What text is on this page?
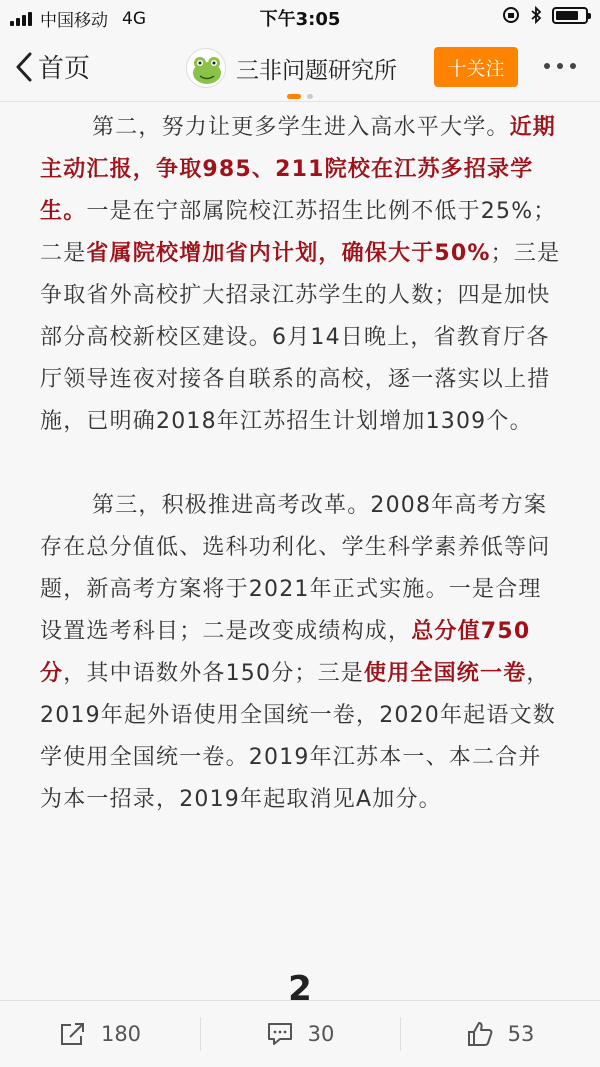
中国移动 4G	下午3:05
首页	三非问题研究所	十关注

第二，努力让更多学生进入高水平大学。近期主动汇报，争取985、211院校在江苏多招录学生。一是在宁部属院校江苏招生比例不低于25%；二是省属院校增加省内计划，确保大于50%；三是争取省外高校扩大招录江苏学生的人数；四是加快部分高校新校区建设。6月14日晚上，省教育厅各厅领导连夜对接各自联系的高校，逐一落实以上措施，已明确2018年江苏招生计划增加1309个。

第三，积极推进高考改革。2008年高考方案存在总分值低、选科功利化、学生科学素养低等问题，新高考方案将于2021年正式实施。一是合理设置选考科目；二是改变成绩构成，总分值750分，其中语数外各150分；三是使用全国统一卷，2019年起外语使用全国统一卷，2020年起语文数学使用全国统一卷。2019年江苏本一、本二合并为本一招录，2019年起取消见A加分。

2
180	30	53
